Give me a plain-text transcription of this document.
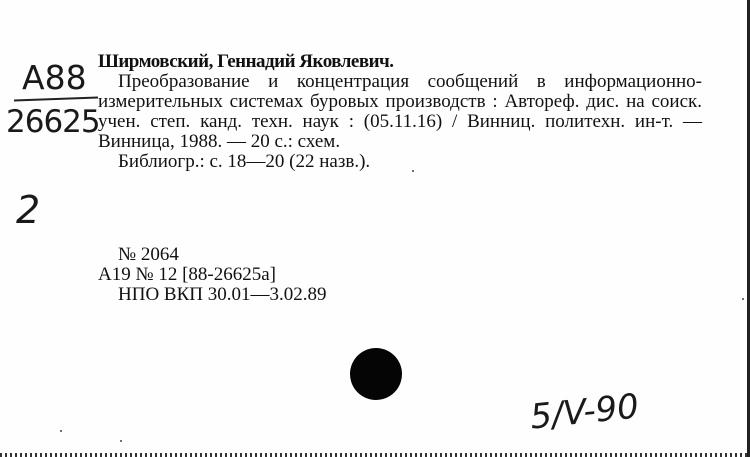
A88
26625
2
Ширмовский, Геннадий Яковлевич.
Преобразование и концентрация сообщений в информационно-измерительных системах буровых производств : Автореф. дис. на соиск. учен. степ. канд. техн. наук : (05.11.16) / Винниц. политехн. ин-т. — Винница, 1988. — 20 с.: схем.
Библиогр.: с. 18—20 (22 назв.).
№ 2064
А19 № 12 [88-26625а]
НПО ВКП 30.01—3.02.89
5/V-90
